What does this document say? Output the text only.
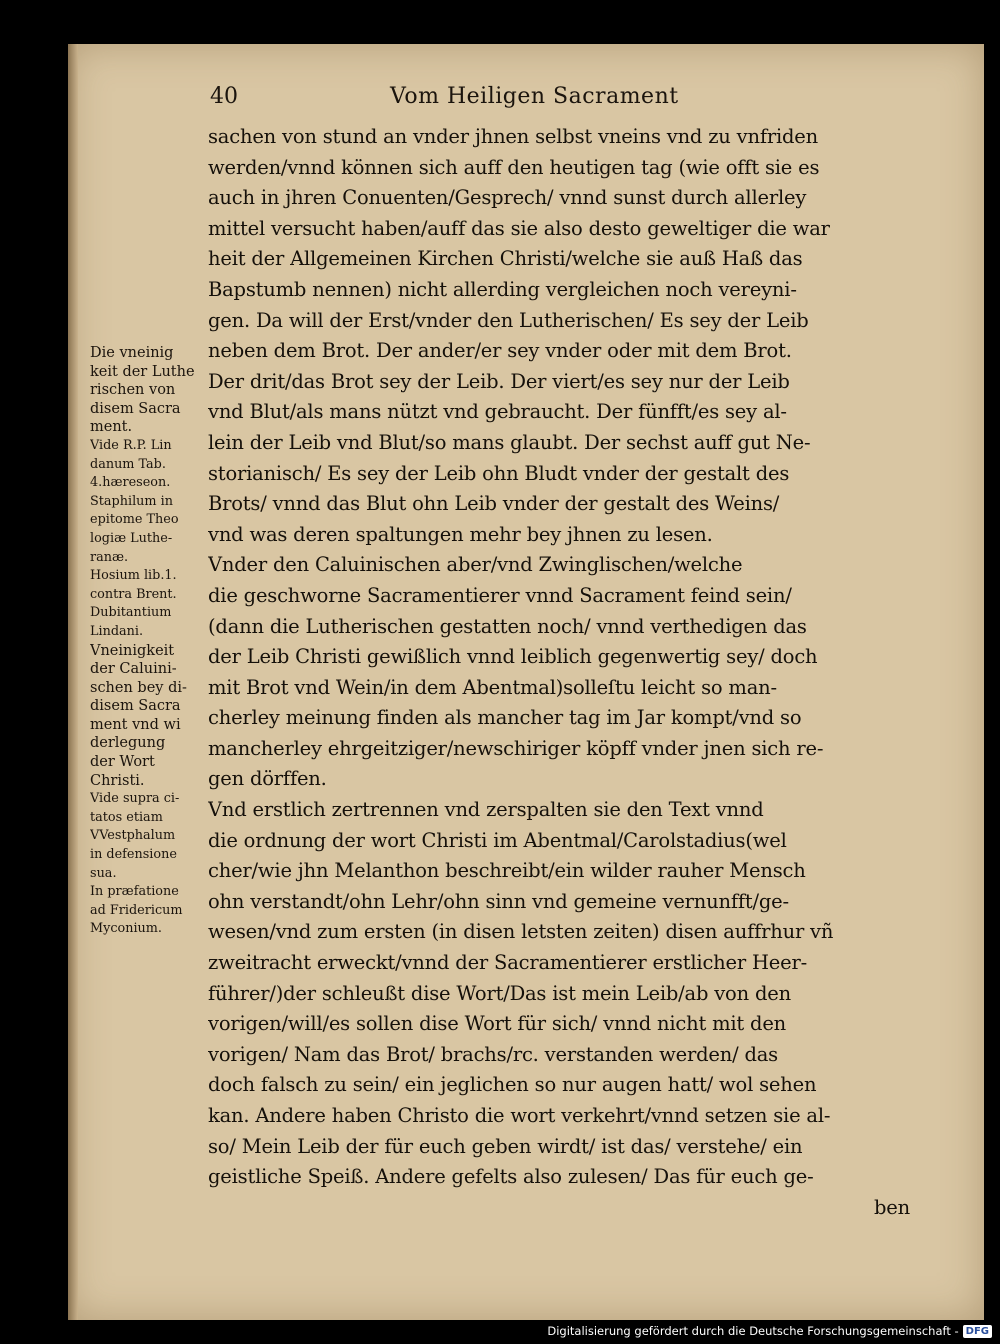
40	Vom Heiligen Sacrament
sachen von stund an vnder jhnen selbst vneins vnd zu vnfriden
werden/vnnd können sich auff den heutigen tag (wie offt sie es
auch in jhren Conuenten/Gesprech/ vnnd sunst durch allerley
mittel versucht haben/auff das sie also desto geweltiger die war
heit der Allgemeinen Kirchen Christi/welche sie auß Haß das
Bapstumb nennen) nicht allerding vergleichen noch vereyni-
gen. Da will der Erst/vnder den Lutherischen/ Es sey der Leib
neben dem Brot. Der ander/er sey vnder oder mit dem Brot.
Der drit/das Brot sey der Leib. Der viert/es sey nur der Leib
vnd Blut/als mans nützt vnd gebraucht. Der fünfft/es sey al-
lein der Leib vnd Blut/so mans glaubt. Der sechst auff gut Ne-
storianisch/ Es sey der Leib ohn Bludt vnder der gestalt des
Brots/ vnnd das Blut ohn Leib vnder der gestalt des Weins/
vnd was deren spaltungen mehr bey jhnen zu lesen.
Vnder den Caluinischen aber/vnd Zwinglischen/welche
die geschworne Sacramentierer vnnd Sacrament feind sein/
(dann die Lutherischen gestatten noch/ vnnd verthedigen das
der Leib Christi gewißlich vnnd leiblich gegenwertig sey/ doch
mit Brot vnd Wein/in dem Abentmal)solleſtu leicht so man-
cherley meinung finden als mancher tag im Jar kompt/vnd so
mancherley ehrgeitziger/newschiriger köpff vnder jnen sich re-
gen dörffen.
Vnd erstlich zertrennen vnd zerspalten sie den Text vnnd
die ordnung der wort Christi im Abentmal/Carolstadius(wel
cher/wie jhn Melanthon beschreibt/ein wilder rauher Mensch
ohn verstandt/ohn Lehr/ohn sinn vnd gemeine vernunfft/ge-
wesen/vnd zum ersten (in disen letsten zeiten) disen auffrhur vñ
zweitracht erweckt/vnnd der Sacramentierer erstlicher Heer-
führer/)der schleußt dise Wort/Das ist mein Leib/ab von den
vorigen/will/es sollen dise Wort für sich/ vnnd nicht mit den
vorigen/ Nam das Brot/ brachs/rc. verstanden werden/ das
doch falsch zu sein/ ein jeglichen so nur augen hatt/ wol sehen
kan. Andere haben Christo die wort verkehrt/vnnd setzen sie al-
so/ Mein Leib der für euch geben wirdt/ ist das/ verstehe/ ein
geistliche Speiß. Andere gefelts also zulesen/ Das für euch ge-
ben
Die vneinig
keit der Luthe
rischen von
disem Sacra
ment.
Vide R.P. Lin
danum Tab.
4.hæreseon.
Staphilum in
epitome Theo
logiæ Luthe-
ranæ.
Hosium lib.1.
contra Brent.
Dubitantium
Lindani.
Vneinigkeit
der Caluini-
schen bey di-
disem Sacra
ment vnd wi
derlegung
der Wort
Christi.
Vide supra ci-
tatos etiam
VVestphalum
in defensione
sua.
In præfatione
ad Fridericum
Myconium.
Digitalisierung gefördert durch die Deutsche Forschungsgemeinschaft - DFG
